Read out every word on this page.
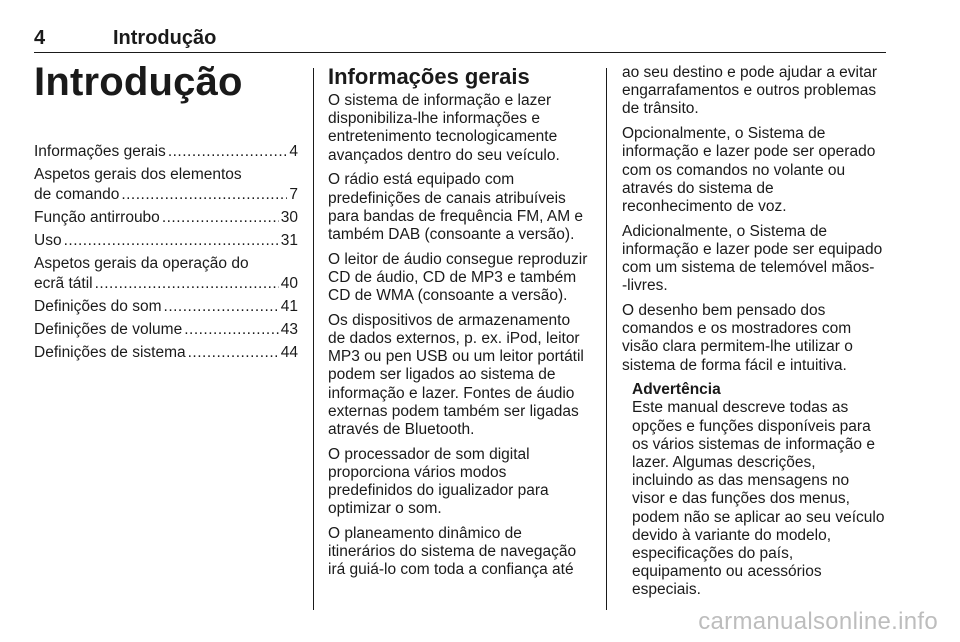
4	Introdução
Introdução
Informações gerais .....	4
Aspetos gerais dos elementos
de comando .....	7
Função antirroubo .....	30
Uso .....	31
Aspetos gerais da operação do
ecrã tátil .....	40
Definições do som .....	41
Definições de volume .....	43
Definições de sistema .....	44
Informações gerais

O sistema de informação e lazer
disponibiliza-lhe informações e
entretenimento tecnologicamente
avançados dentro do seu veículo.

O rádio está equipado com
predefinições de canais atribuíveis
para bandas de frequência FM, AM e
também DAB (consoante a versão).

O leitor de áudio consegue reproduzir
CD de áudio, CD de MP3 e também
CD de WMA (consoante a versão).

Os dispositivos de armazenamento
de dados externos, p. ex. iPod, leitor
MP3 ou pen USB ou um leitor portátil
podem ser ligados ao sistema de
informação e lazer. Fontes de áudio
externas podem também ser ligadas
através de Bluetooth.

O processador de som digital
proporciona vários modos
predefinidos do igualizador para
optimizar o som.

O planeamento dinâmico de
itinerários do sistema de navegação
irá guiá-lo com toda a confiança até

ao seu destino e pode ajudar a evitar
engarrafamentos e outros problemas
de trânsito.

Opcionalmente, o Sistema de
informação e lazer pode ser operado
com os comandos no volante ou
através do sistema de
reconhecimento de voz.

Adicionalmente, o Sistema de
informação e lazer pode ser equipado
com um sistema de telemóvel mãos-
-livres.

O desenho bem pensado dos
comandos e os mostradores com
visão clara permitem-lhe utilizar o
sistema de forma fácil e intuitiva.

Advertência

Este manual descreve todas as
opções e funções disponíveis para
os vários sistemas de informação e
lazer. Algumas descrições,
incluindo as das mensagens no
visor e das funções dos menus,
podem não se aplicar ao seu veículo
devido à variante do modelo,
especificações do país,
equipamento ou acessórios
especiais.

carmanualsonline.info
